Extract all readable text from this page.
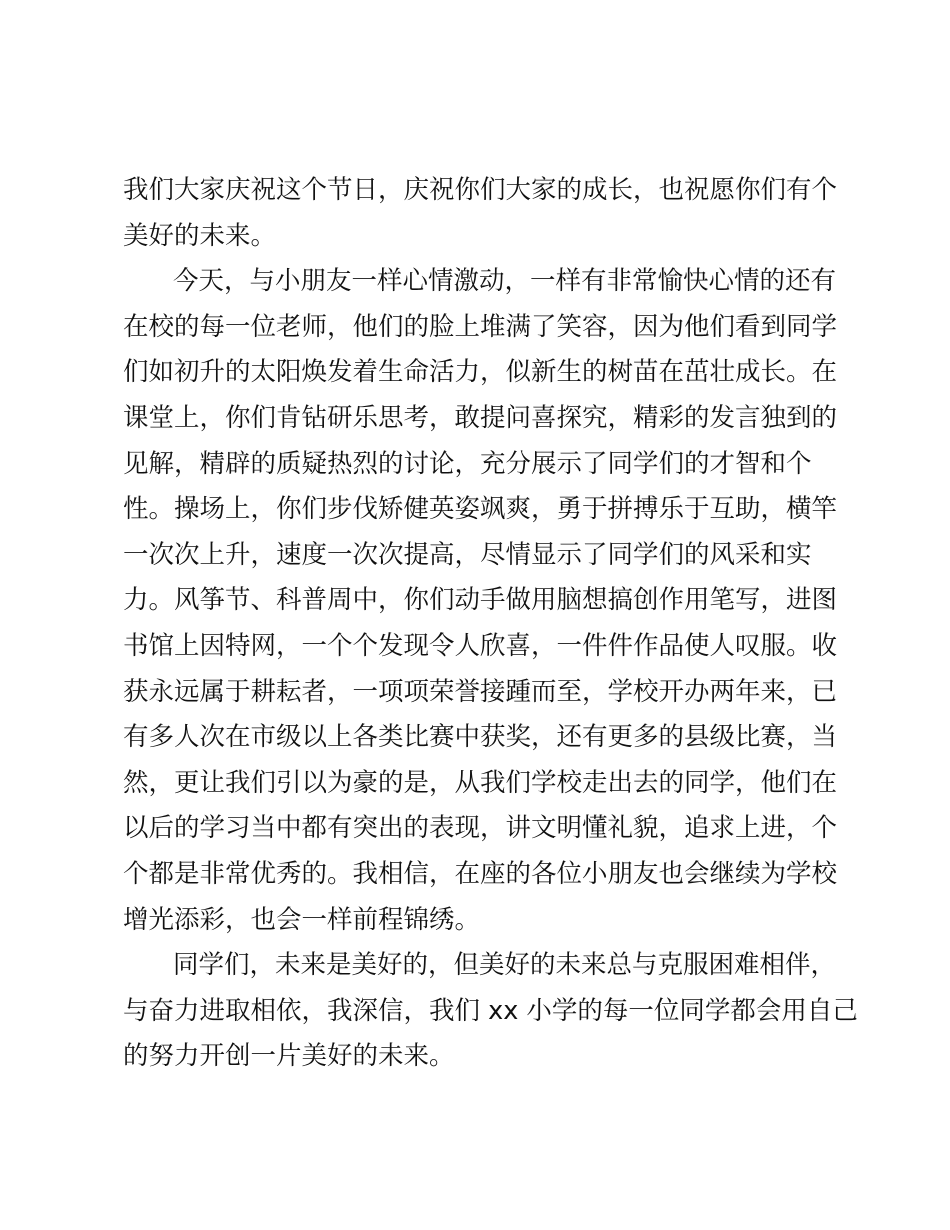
我们大家庆祝这个节日，庆祝你们大家的成长，也祝愿你们有个
美好的未来。

今天，与小朋友一样心情激动，一样有非常愉快心情的还有
在校的每一位老师，他们的脸上堆满了笑容，因为他们看到同学
们如初升的太阳焕发着生命活力，似新生的树苗在茁壮成长。在
课堂上，你们肯钻研乐思考，敢提问喜探究，精彩的发言独到的
见解，精辟的质疑热烈的讨论，充分展示了同学们的才智和个
性。操场上，你们步伐矫健英姿飒爽，勇于拼搏乐于互助，横竿
一次次上升，速度一次次提高，尽情显示了同学们的风采和实
力。风筝节、科普周中，你们动手做用脑想搞创作用笔写，进图
书馆上因特网，一个个发现令人欣喜，一件件作品使人叹服。收
获永远属于耕耘者，一项项荣誉接踵而至，学校开办两年来，已
有多人次在市级以上各类比赛中获奖，还有更多的县级比赛，当
然，更让我们引以为豪的是，从我们学校走出去的同学，他们在
以后的学习当中都有突出的表现，讲文明懂礼貌，追求上进，个
个都是非常优秀的。我相信，在座的各位小朋友也会继续为学校
增光添彩，也会一样前程锦绣。

同学们，未来是美好的，但美好的未来总与克服困难相伴，
与奋力进取相依，我深信，我们 xx 小学的每一位同学都会用自己
的努力开创一片美好的未来。
